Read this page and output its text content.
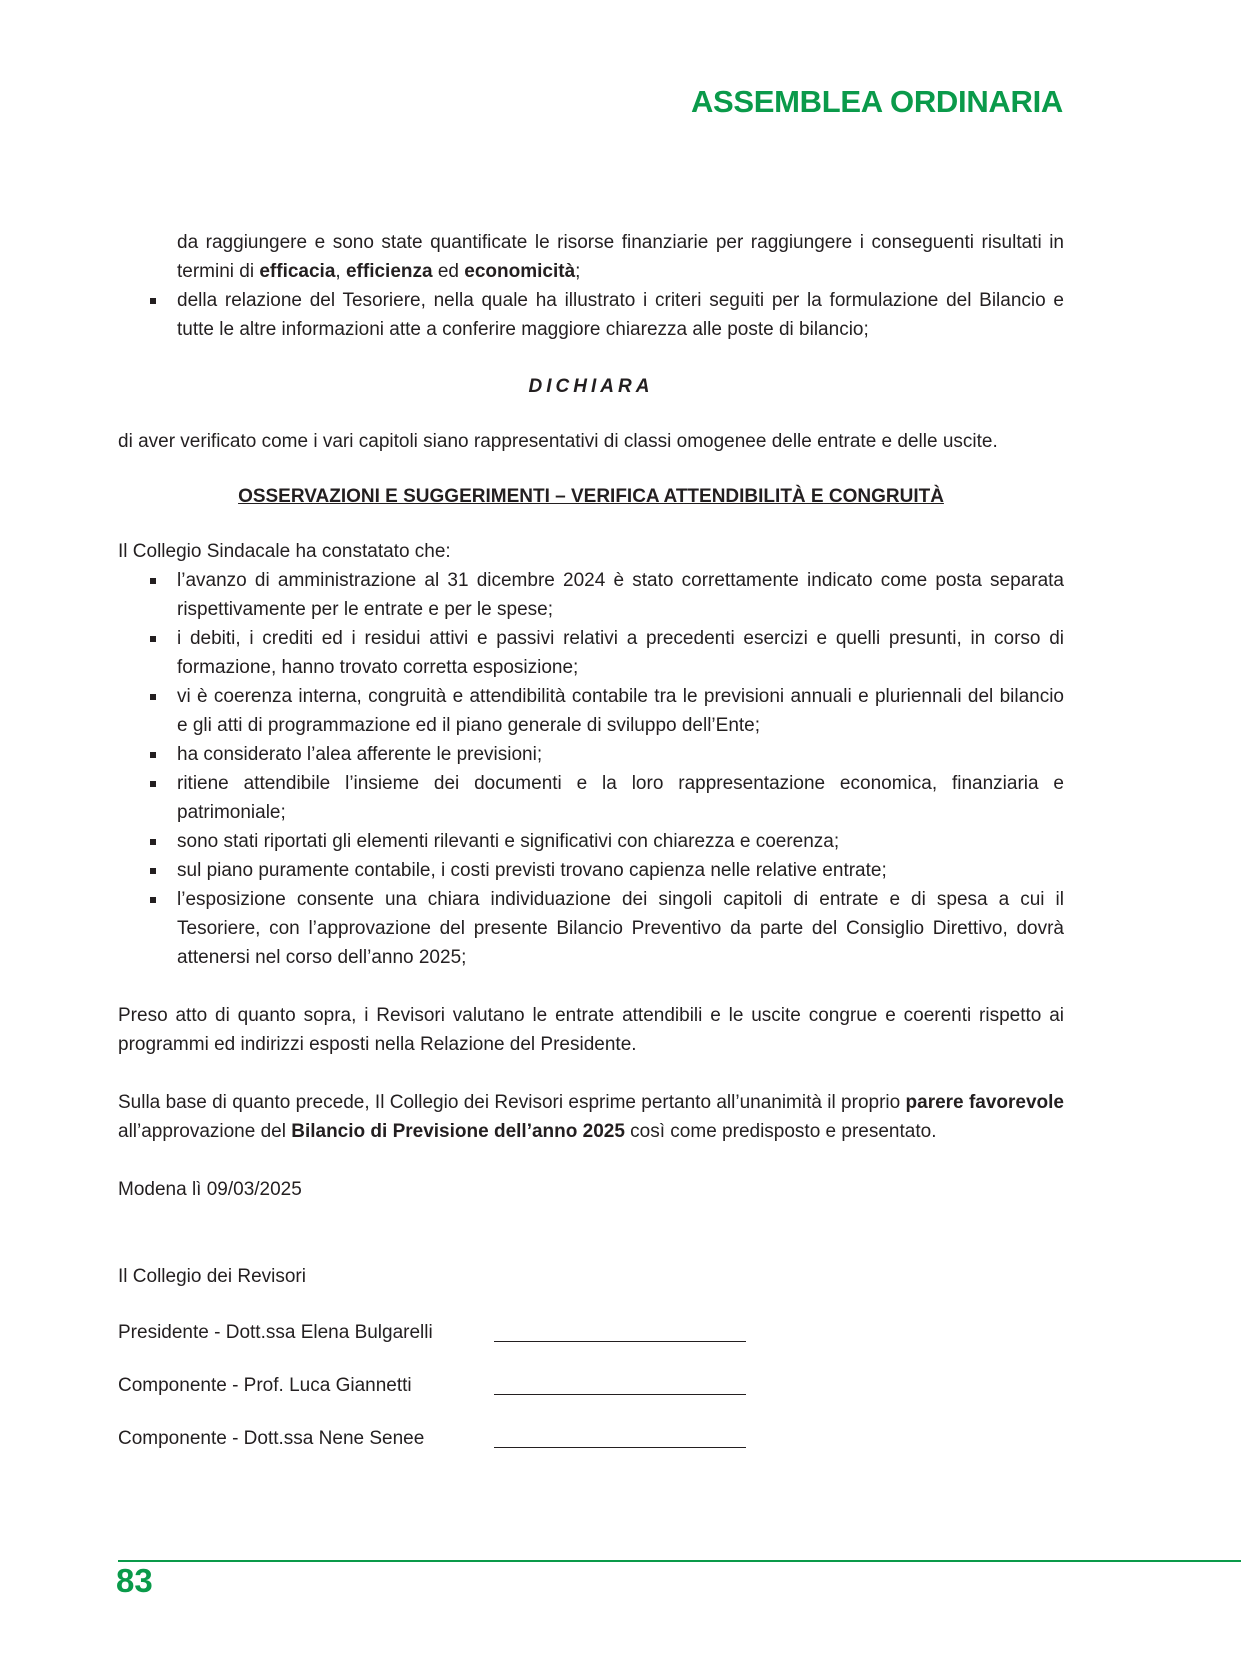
ASSEMBLEA ORDINARIA

da raggiungere e sono state quantificate le risorse finanziarie per raggiungere i conseguenti risultati in termini di efficacia, efficienza ed economicità;

della relazione del Tesoriere, nella quale ha illustrato i criteri seguiti per la formulazione del Bilancio e tutte le altre informazioni atte a conferire maggiore chiarezza alle poste di bilancio;
DICHIARA

di aver verificato come i vari capitoli siano rappresentativi di classi omogenee delle entrate e delle uscite.

OSSERVAZIONI E SUGGERIMENTI – VERIFICA ATTENDIBILITÀ E CONGRUITÀ

Il Collegio Sindacale ha constatato che:

l’avanzo di amministrazione al 31 dicembre 2024 è stato correttamente indicato come posta separata rispettivamente per le entrate e per le spese;
i debiti, i crediti ed i residui attivi e passivi relativi a precedenti esercizi e quelli presunti, in corso di formazione, hanno trovato corretta esposizione;
vi è coerenza interna, congruità e attendibilità contabile tra le previsioni annuali e pluriennali del bilancio e gli atti di programmazione ed il piano generale di sviluppo dell’Ente;
ha considerato l’alea afferente le previsioni;
ritiene attendibile l’insieme dei documenti e la loro rappresentazione economica, finanziaria e patrimoniale;
sono stati riportati gli elementi rilevanti e significativi con chiarezza e coerenza;
sul piano puramente contabile, i costi previsti trovano capienza nelle relative entrate;
l’esposizione consente una chiara individuazione dei singoli capitoli di entrate e di spesa a cui il Tesoriere, con l’approvazione del presente Bilancio Preventivo da parte del Consiglio Direttivo, dovrà attenersi nel corso dell’anno 2025;

Preso atto di quanto sopra, i Revisori valutano le entrate attendibili e le uscite congrue e coerenti rispetto ai programmi ed indirizzi esposti nella Relazione del Presidente.

Sulla base di quanto precede, Il Collegio dei Revisori esprime pertanto all’unanimità il proprio parere favorevole all’approvazione del Bilancio di Previsione dell’anno 2025 così come predisposto e presentato.

Modena lì 09/03/2025

Il Collegio dei Revisori

Presidente - Dott.ssa Elena Bulgarelli
Componente - Prof. Luca Giannetti
Componente - Dott.ssa Nene Senee
83
